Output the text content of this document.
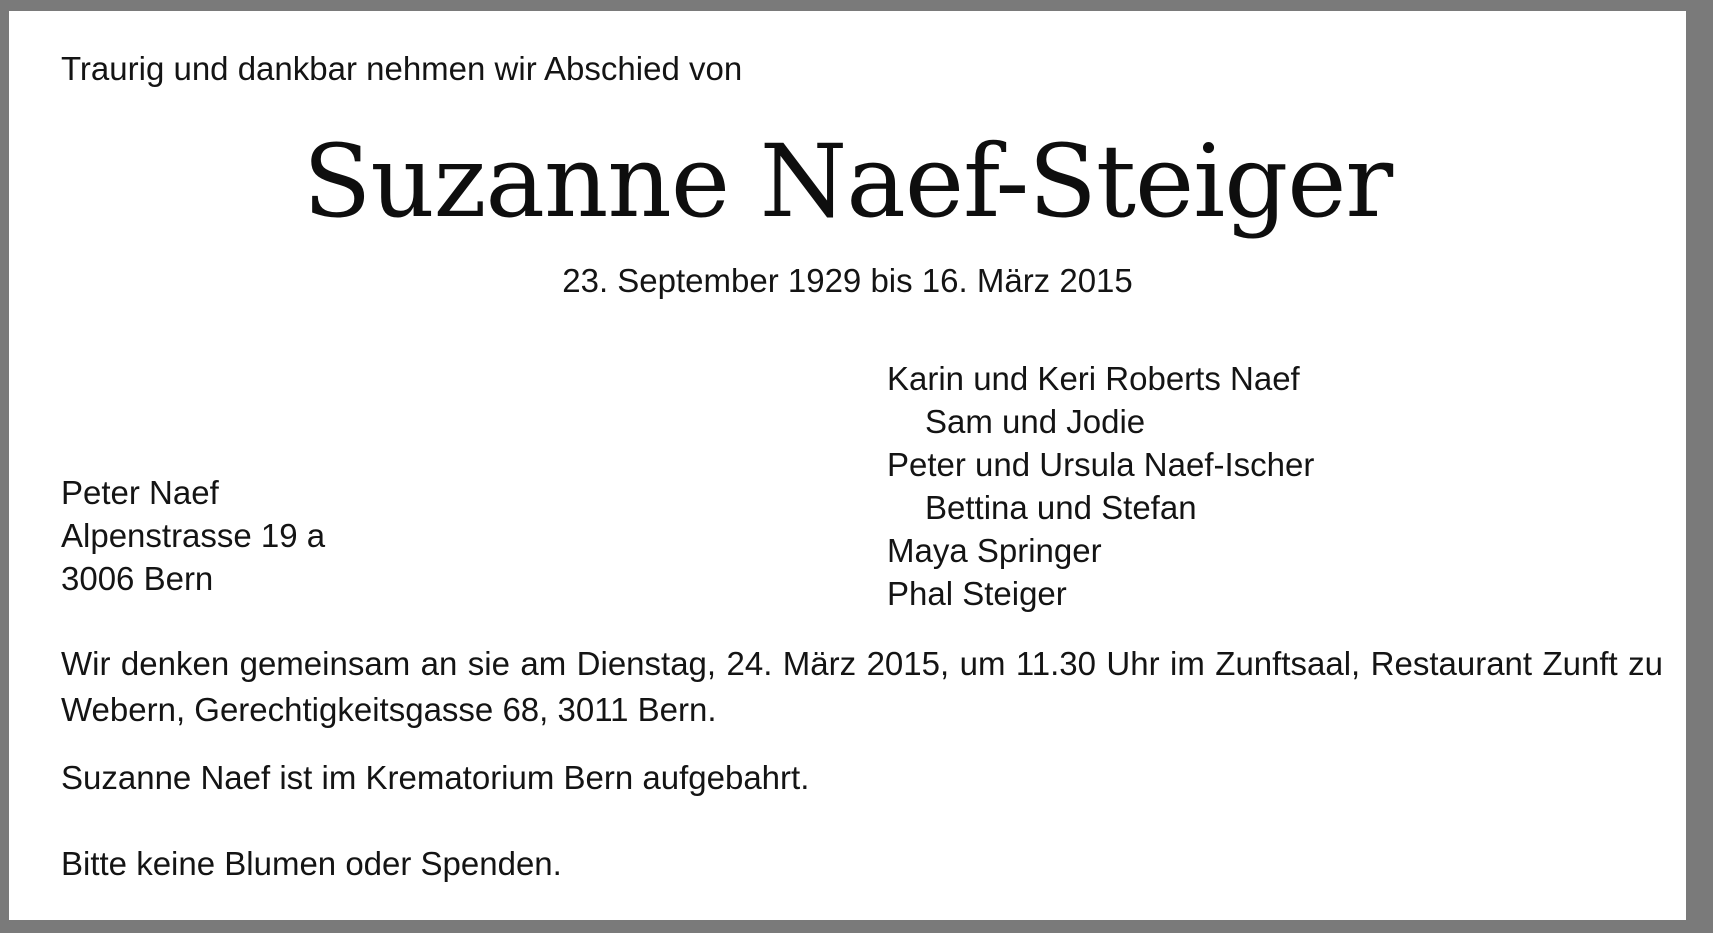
Traurig und dankbar nehmen wir Abschied von
Suzanne Naef-Steiger
23. September 1929 bis 16. März 2015
Karin und Keri Roberts Naef
Sam und Jodie
Peter und Ursula Naef-Ischer
Bettina und Stefan
Maya Springer
Phal Steiger
Peter Naef
Alpenstrasse 19 a
3006 Bern
Wir denken gemeinsam an sie am Dienstag, 24. März 2015, um 11.30 Uhr im Zunftsaal, Restaurant Zunft zu Webern, Gerechtigkeitsgasse 68, 3011 Bern.
Suzanne Naef ist im Krematorium Bern aufgebahrt.
Bitte keine Blumen oder Spenden.
